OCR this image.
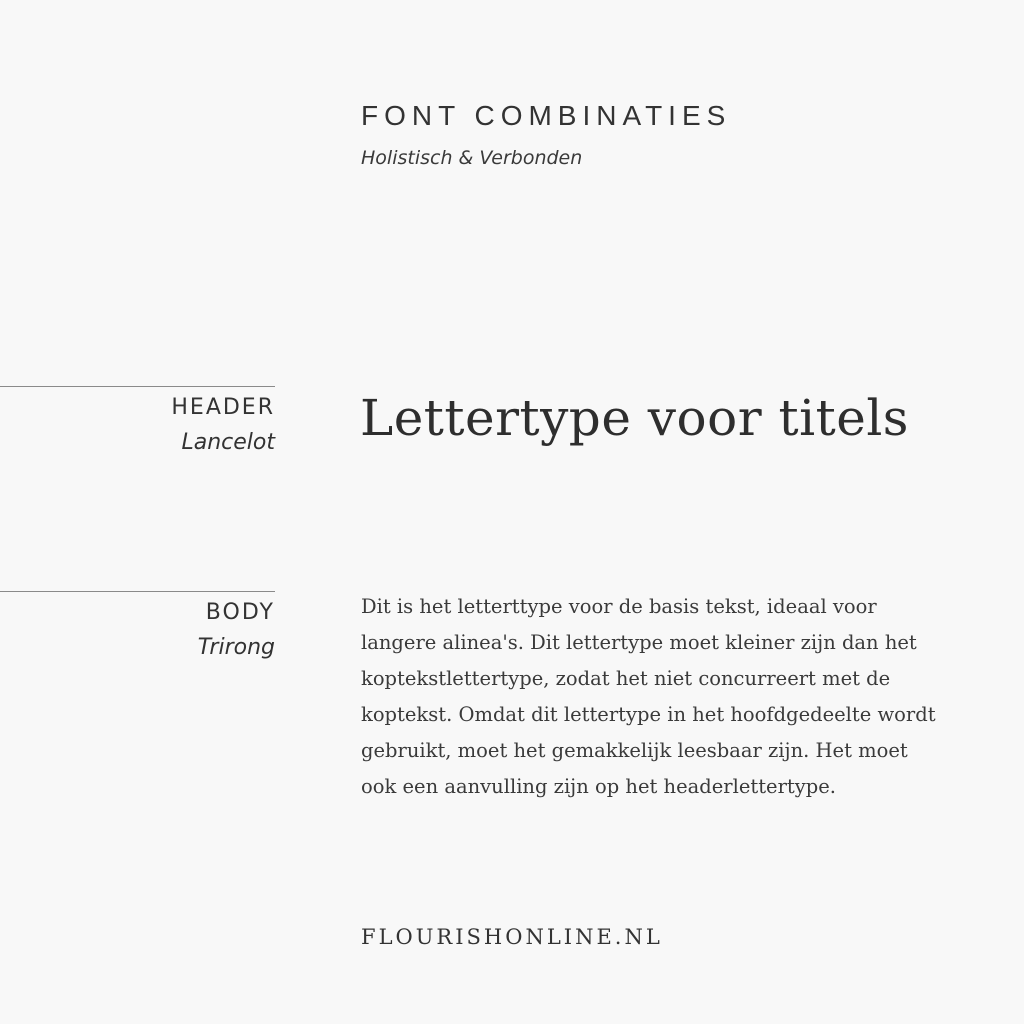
FONT COMBINATIES
Holistisch & Verbonden
HEADER
Lancelot Lettertype voor titels
BODY
Trirong

Dit is het letterttype voor de basis tekst, ideaal voor langere alinea's. Dit lettertype moet kleiner zijn dan het koptekstlettertype, zodat het niet concurreert met de koptekst. Omdat dit lettertype in het hoofdgedeelte wordt gebruikt, moet het gemakkelijk leesbaar zijn. Het moet ook een aanvulling zijn op het headerlettertype.

FLOURISHONLINE.NL
